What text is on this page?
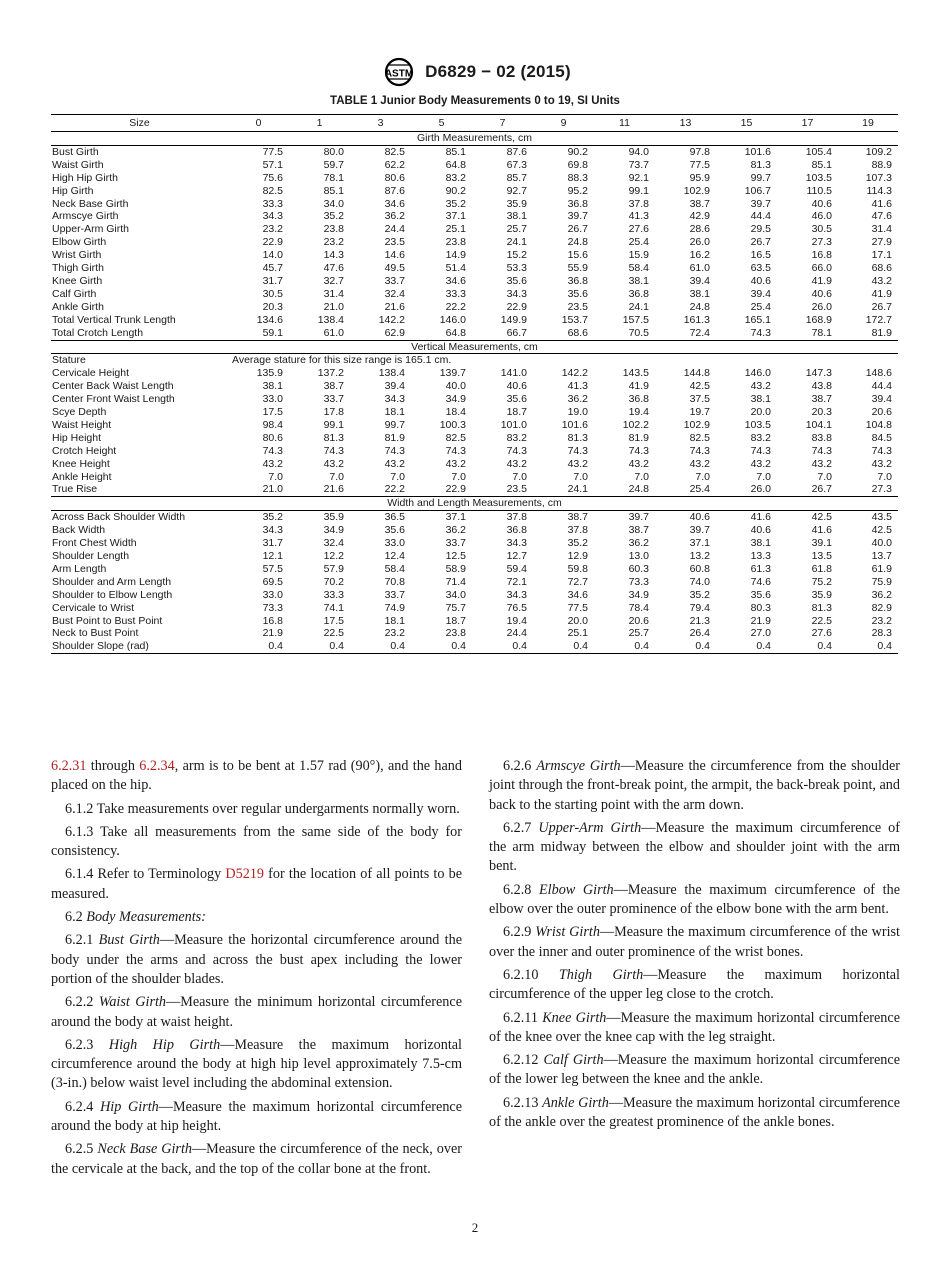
ASTM D6829 − 02 (2015)
TABLE 1 Junior Body Measurements 0 to 19, SI Units
Size	0	1	3	5	7	9	11	13	15	17	19
Girth Measurements, cm											
Bust Girth	77.5	80.0	82.5	85.1	87.6	90.2	94.0	97.8	101.6	105.4	109.2
Waist Girth	57.1	59.7	62.2	64.8	67.3	69.8	73.7	77.5	81.3	85.1	88.9
High Hip Girth	75.6	78.1	80.6	83.2	85.7	88.3	92.1	95.9	99.7	103.5	107.3
Hip Girth	82.5	85.1	87.6	90.2	92.7	95.2	99.1	102.9	106.7	110.5	114.3
Neck Base Girth	33.3	34.0	34.6	35.2	35.9	36.8	37.8	38.7	39.7	40.6	41.6
Armscye Girth	34.3	35.2	36.2	37.1	38.1	39.7	41.3	42.9	44.4	46.0	47.6
Upper-Arm Girth	23.2	23.8	24.4	25.1	25.7	26.7	27.6	28.6	29.5	30.5	31.4
Elbow Girth	22.9	23.2	23.5	23.8	24.1	24.8	25.4	26.0	26.7	27.3	27.9
Wrist Girth	14.0	14.3	14.6	14.9	15.2	15.6	15.9	16.2	16.5	16.8	17.1
Thigh Girth	45.7	47.6	49.5	51.4	53.3	55.9	58.4	61.0	63.5	66.0	68.6
Knee Girth	31.7	32.7	33.7	34.6	35.6	36.8	38.1	39.4	40.6	41.9	43.2
Calf Girth	30.5	31.4	32.4	33.3	34.3	35.6	36.8	38.1	39.4	40.6	41.9
Ankle Girth	20.3	21.0	21.6	22.2	22.9	23.5	24.1	24.8	25.4	26.0	26.7
Total Vertical Trunk Length	134.6	138.4	142.2	146.0	149.9	153.7	157.5	161.3	165.1	168.9	172.7
Total Crotch Length	59.1	61.0	62.9	64.8	66.7	68.6	70.5	72.4	74.3	78.1	81.9
Vertical Measurements, cm											
Stature	Average stature for this size range is 165.1 cm.										
Cervicale Height	135.9	137.2	138.4	139.7	141.0	142.2	143.5	144.8	146.0	147.3	148.6
Center Back Waist Length	38.1	38.7	39.4	40.0	40.6	41.3	41.9	42.5	43.2	43.8	44.4
Center Front Waist Length	33.0	33.7	34.3	34.9	35.6	36.2	36.8	37.5	38.1	38.7	39.4
Scye Depth	17.5	17.8	18.1	18.4	18.7	19.0	19.4	19.7	20.0	20.3	20.6
Waist Height	98.4	99.1	99.7	100.3	101.0	101.6	102.2	102.9	103.5	104.1	104.8
Hip Height	80.6	81.3	81.9	82.5	83.2	81.3	81.9	82.5	83.2	83.8	84.5
Crotch Height	74.3	74.3	74.3	74.3	74.3	74.3	74.3	74.3	74.3	74.3	74.3
Knee Height	43.2	43.2	43.2	43.2	43.2	43.2	43.2	43.2	43.2	43.2	43.2
Ankle Height	7.0	7.0	7.0	7.0	7.0	7.0	7.0	7.0	7.0	7.0	7.0
True Rise	21.0	21.6	22.2	22.9	23.5	24.1	24.8	25.4	26.0	26.7	27.3
Width and Length Measurements, cm											
Across Back Shoulder Width	35.2	35.9	36.5	37.1	37.8	38.7	39.7	40.6	41.6	42.5	43.5
Back Width	34.3	34.9	35.6	36.2	36.8	37.8	38.7	39.7	40.6	41.6	42.5
Front Chest Width	31.7	32.4	33.0	33.7	34.3	35.2	36.2	37.1	38.1	39.1	40.0
Shoulder Length	12.1	12.2	12.4	12.5	12.7	12.9	13.0	13.2	13.3	13.5	13.7
Arm Length	57.5	57.9	58.4	58.9	59.4	59.8	60.3	60.8	61.3	61.8	61.9
Shoulder and Arm Length	69.5	70.2	70.8	71.4	72.1	72.7	73.3	74.0	74.6	75.2	75.9
Shoulder to Elbow Length	33.0	33.3	33.7	34.0	34.3	34.6	34.9	35.2	35.6	35.9	36.2
Cervicale to Wrist	73.3	74.1	74.9	75.7	76.5	77.5	78.4	79.4	80.3	81.3	82.9
Bust Point to Bust Point	16.8	17.5	18.1	18.7	19.4	20.0	20.6	21.3	21.9	22.5	23.2
Neck to Bust Point	21.9	22.5	23.2	23.8	24.4	25.1	25.7	26.4	27.0	27.6	28.3
Shoulder Slope (rad)	0.4	0.4	0.4	0.4	0.4	0.4	0.4	0.4	0.4	0.4	0.4

6.2.31 through 6.2.34, arm is to be bent at 1.57 rad (90°), and the hand placed on the hip.

6.1.2 Take measurements over regular undergarments normally worn.

6.1.3 Take all measurements from the same side of the body for consistency.

6.1.4 Refer to Terminology D5219 for the location of all points to be measured.

6.2 Body Measurements:

6.2.1 Bust Girth—Measure the horizontal circumference around the body under the arms and across the bust apex including the lower portion of the shoulder blades.

6.2.2 Waist Girth—Measure the minimum horizontal circumference around the body at waist height.

6.2.3 High Hip Girth—Measure the maximum horizontal circumference around the body at high hip level approximately 7.5-cm (3-in.) below waist level including the abdominal extension.

6.2.4 Hip Girth—Measure the maximum horizontal circumference around the body at hip height.

6.2.5 Neck Base Girth—Measure the circumference of the neck, over the cervicale at the back, and the top of the collar bone at the front.

6.2.6 Armscye Girth—Measure the circumference from the shoulder joint through the front-break point, the armpit, the back-break point, and back to the starting point with the arm down.

6.2.7 Upper-Arm Girth—Measure the maximum circumference of the arm midway between the elbow and shoulder joint with the arm bent.

6.2.8 Elbow Girth—Measure the maximum circumference of the elbow over the outer prominence of the elbow bone with the arm bent.

6.2.9 Wrist Girth—Measure the maximum circumference of the wrist over the inner and outer prominence of the wrist bones.

6.2.10 Thigh Girth—Measure the maximum horizontal circumference of the upper leg close to the crotch.

6.2.11 Knee Girth—Measure the maximum horizontal circumference of the knee over the knee cap with the leg straight.

6.2.12 Calf Girth—Measure the maximum horizontal circumference of the lower leg between the knee and the ankle.

6.2.13 Ankle Girth—Measure the maximum horizontal circumference of the ankle over the greatest prominence of the ankle bones.

2
